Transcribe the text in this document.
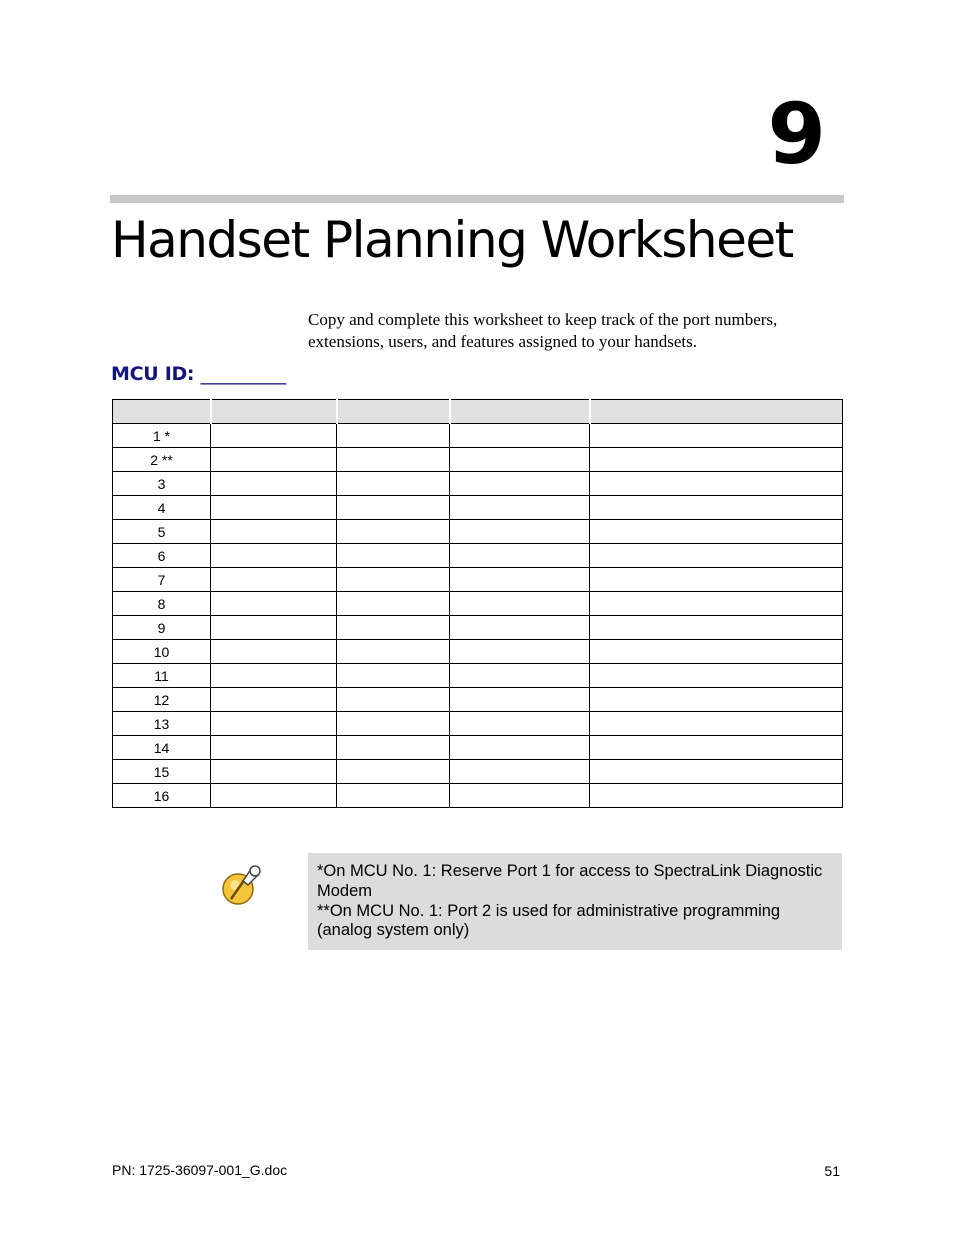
9
Handset Planning Worksheet

Copy and complete this worksheet to keep track of the port numbers, extensions, users, and features assigned to your handsets.

MCU ID: _________

1 *				
2 **				
3				
4				
5				
6				
7				
8				
9				
10				
11				
12				
13				
14				
15				
16				

*On MCU No. 1: Reserve Port 1 for access to SpectraLink Diagnostic Modem

**On MCU No. 1: Port 2 is used for administrative programming (analog system only)

PN: 1725-36097-001_G.doc	51
